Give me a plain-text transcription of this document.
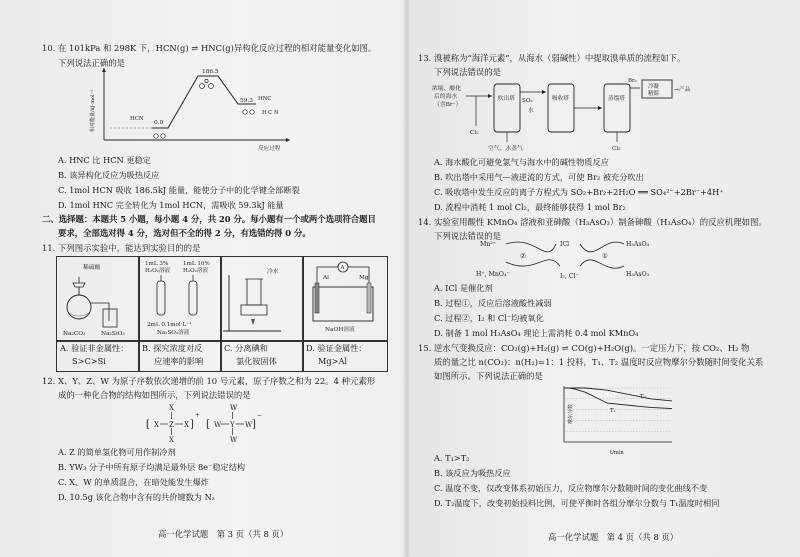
10. 在 101kPa 和 298K 下，HCN(g) ⇌ HNC(g)异构化反应过程的相对能量变化如图。
下列说法正确的是
186.5
59.3
0.0
相对能量/kJ·mol⁻¹
反应过程
H C N
HCN
HNC
A. HNC 比 HCN 更稳定
B. 该异构化反应为吸热反应
C. 1mol HCN 吸收 186.5kJ 能量，能使分子中的化学键全部断裂
D. 1mol HNC 完全转化为 1mol HCN，需吸收 59.3kJ 能量
二、选择题：本题共 5 小题，每小题 4 分，共 20 分。每小题有一个或两个选项符合题目
要求，全部选对得 4 分，选对但不全的得 2 分，有选错的得 0 分。
11. 下列图示实验中，能达到实验目的的是
稀硫酸
Na₂CO₃	Na₂SiO₃
1mL 3%
H₂O₂溶液
1mL 10%
H₂O₂溶液
2mL 0.1mol·L⁻¹
Na₂SO₃溶液
冷水
A
Al	Mg
NaOH溶液
A. 验证非金属性：
S>C>Si
B. 探究浓度对反
应速率的影响
C. 分离碘和
氯化铵固体
D. 验证金属性：
Mg>Al
12. X、Y、Z、W 为原子序数依次递增的前 10 号元素，原子序数之和为 22。4 种元素形
成的一种化合物的结构如图所示，下列说法错误的是
[ X Z X
X
X
]
+
[ W Y W
W
W
]
−
A. Z 的简单氢化物可用作制冷剂
B. YW₃ 分子中所有原子均满足最外层 8e⁻稳定结构
C. X、W 的单质混合，在暗处能发生爆炸
D. 10.5g 该化合物中含有的共价键数为 Nₐ
高一化学试题　第 3 页（共 8 页）
13. 溴被称为“海洋元素”，从海水（弱碱性）中提取溴单质的流程如下。
下列说法错误的是
浓缩、酸化
后的海水
（含Br⁻）
Cl₂
吹出塔 SO₂
水
吸收塔	蒸馏塔
Cl₂
Br₂
冷凝
精馏
→产品
空气、水蒸气
A. 海水酸化可避免氯气与海水中的碱性物质反应
B. 吹出塔中采用气—液逆流的方式，可使 Br₂ 被充分吹出
C. 吸收塔中发生反应的离子方程式为 SO₂+Br₂+2H₂O ══ SO₄²⁻+2Br⁻+4H⁺
D. 流程中消耗 1 mol Cl₂，最终能够获得 1 mol Br₂
14. 实验室用酸性 KMnO₄ 溶液和亚砷酸（H₃AsO₃）制备砷酸（H₃AsO₄）的反应机理如图。
下列说法错误的是
ICl
Mn²⁺	H₃AsO₄
H₃AsO₃
H⁺, MnO₄⁻	I₂, Cl⁻
②	①
A. ICl 是催化剂
B. 过程①，反应后溶液酸性减弱
C. 过程②，I₂ 和 Cl⁻均被氧化
D. 制备 1 mol H₃AsO₄ 理论上需消耗 0.4 mol KMnO₄
15. 逆水气变换反应：CO₂(g)+H₂(g) ⇌ CO(g)+H₂O(g)。一定压力下，按 CO₂、H₂ 物
质的量之比 n(CO₂)：n(H₂)=1：1 投料，T₁、T₂ 温度时反应物摩尔分数随时间变化关系
如图所示。下列说法正确的是
摩尔分数
t/min
T₁
T₂
A. T₁>T₂
B. 该反应为吸热反应
C. 温度不变，仅改变体系初始压力，反应物摩尔分数随时间的变化曲线不变
D. T₂温度下，改变初始投料比例，可使平衡时各组分摩尔分数与 T₁温度时相同
高一化学试题　第 4 页（共 8 页）
